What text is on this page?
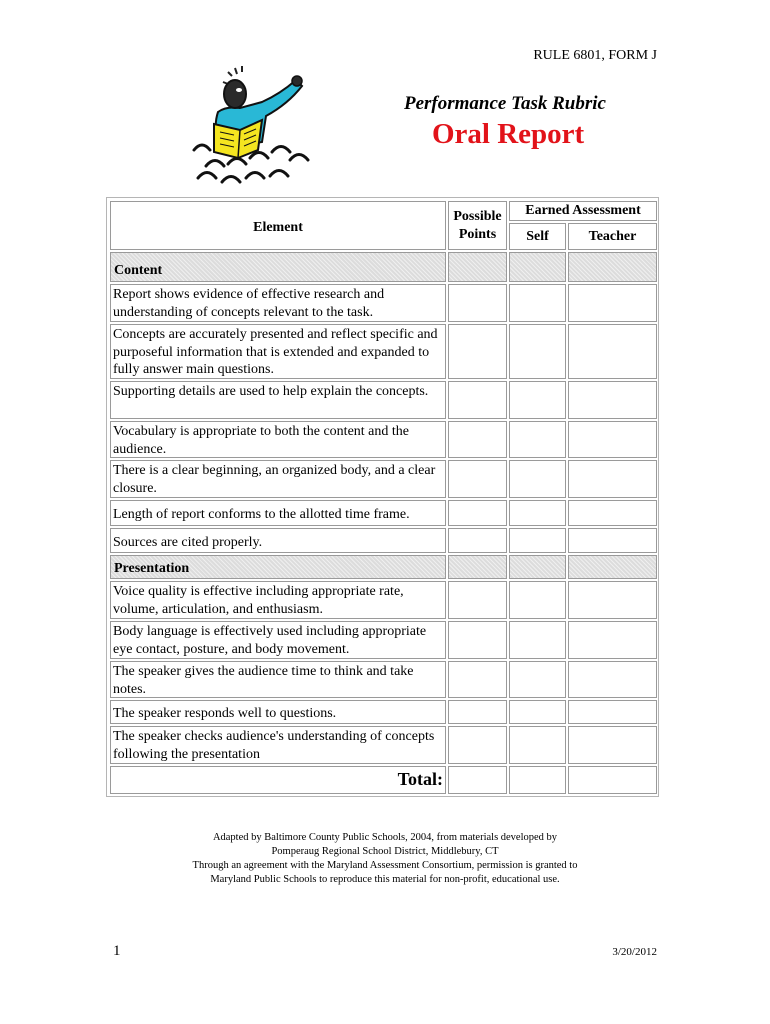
RULE 6801, FORM J
Performance Task Rubric
Oral Report
Element
Possible
Points
Earned Assessment
Self	Teacher
Content
Report shows evidence of effective research and understanding of concepts relevant to the task.
Concepts are accurately presented and reflect specific and purposeful information that is extended and expanded to fully answer main questions.
Supporting details are used to help explain the concepts.
Vocabulary is appropriate to both the content and the audience.
There is a clear beginning, an organized body, and a clear closure.
Length of report conforms to the allotted time frame.
Sources are cited properly.
Presentation
Voice quality is effective including appropriate rate, volume, articulation, and enthusiasm.
Body language is effectively used including appropriate eye contact, posture, and body movement.
The speaker gives the audience time to think and take notes.
The speaker responds well to questions.
The speaker checks audience's understanding of concepts following the presentation
Total:
Adapted by Baltimore County Public Schools, 2004, from materials developed by
Pomperaug Regional School District, Middlebury, CT
Through an agreement with the Maryland Assessment Consortium, permission is granted to
Maryland Public Schools to reproduce this material for non-profit, educational use.
1	3/20/2012
